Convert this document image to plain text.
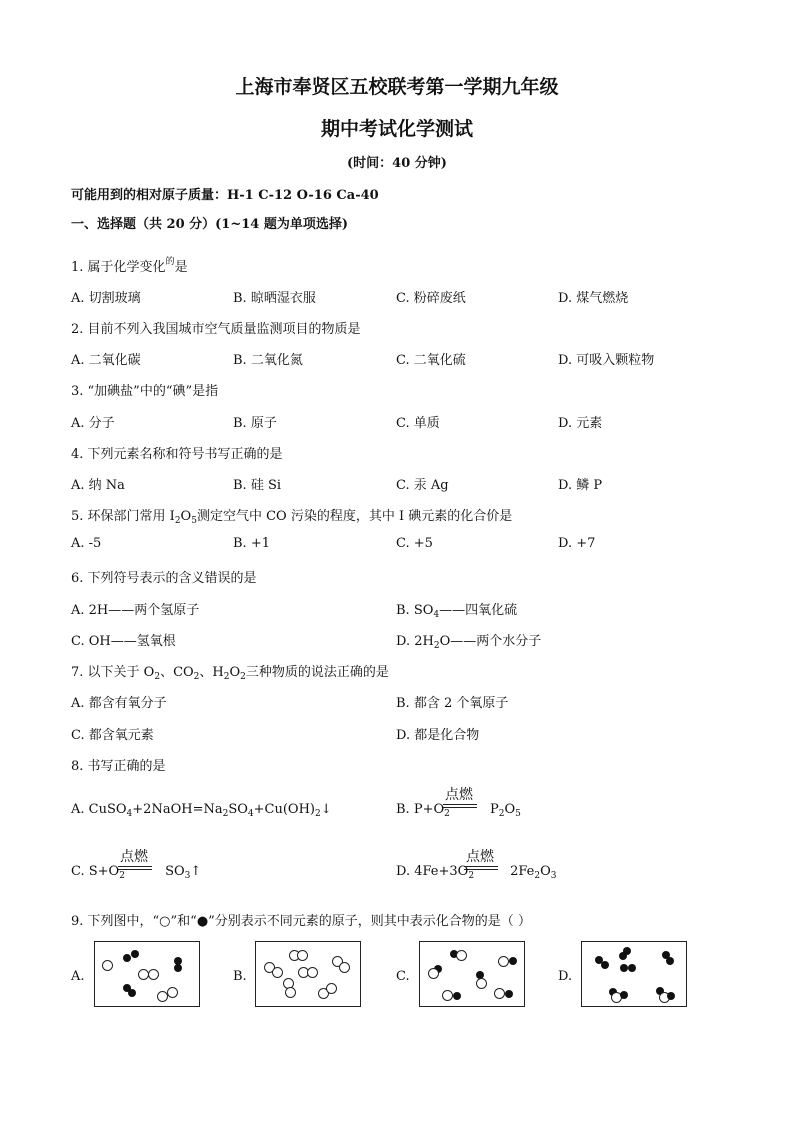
上海市奉贤区五校联考第一学期九年级
期中考试化学测试
(时间：40 分钟)
可能用到的相对原子质量：H-1 C-12 O-16 Ca-40
一、选择题（共 20 分）(1~14 题为单项选择)
1. 属于化学变化$^的$是
A. 切割玻璃	B. 晾晒湿衣服	C. 粉碎废纸	D. 煤气燃烧
2. 目前不列入我国城市空气质量监测项目的物质是
A. 二氧化碳	B. 二氧化氮	C. 二氧化硫	D. 可吸入颗粒物
3. “加碘盐”中的“碘”是指
A. 分子	B. 原子	C. 单质	D. 元素
4. 下列元素名称和符号书写正确的是
A. 纳 Na	B. 硅 Si	C. 汞 Ag	D. 鳞 P
5. 环保部门常用 $I_2O_5$测定空气中 CO 污染的程度，其中 I 碘元素的化合价是
A. -5	B. +1	C. +5	D. +7
6. 下列符号表示的含义错误的是
A. 2H——两个氢原子	B. $SO_4——$四氧化硫
C. OH——氢氧根	D. $2H_2O——$两个水分子
7. 以下关于 $O_2$、$CO_2$、$H_2O_2$三种物质的说法正确的是
A. 都含有氧分子	B. 都含 2 个氧原子
C. 都含氧元素	D. 都是化合物
8. 书写正确的是
A. $CuSO_4+2NaOH=Na_2SO_4+Cu(OH)_2↓$	B. $P+O_2$	$P_2O_5$
点燃
C. $S+O_2$	$SO_3↑$
点燃
D. $4Fe+3O_2$	$2Fe_2O_3$
点燃
9. 下列图中，“○”和“●”分别表示不同元素的原子，则其中表示化合物的是（ ）
A.	B.	C.	D.
